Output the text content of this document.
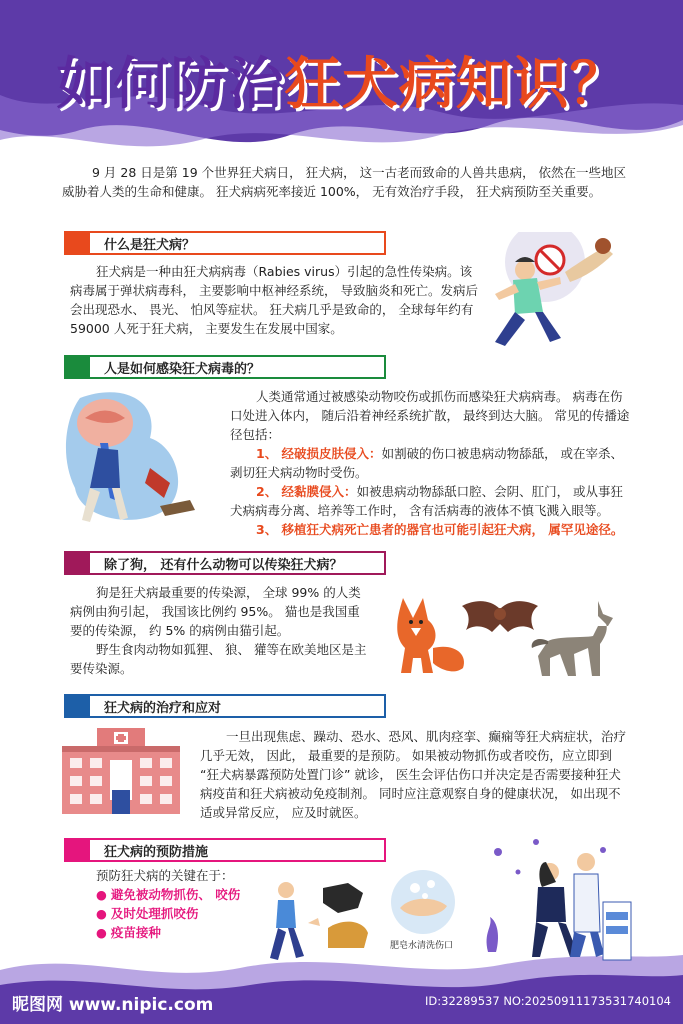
如何防治狂犬病知识？
9 月 28 日是第 19 个世界狂犬病日， 狂犬病， 这一古老而致命的人兽共患病， 依然在一些地区威胁着人类的生命和健康。 狂犬病病死率接近 100%， 无有效治疗手段， 狂犬病预防至关重要。
什么是狂犬病？
狂犬病是一种由狂犬病病毒（Rabies virus）引起的急性传染病。该病毒属于弹状病毒科， 主要影响中枢神经系统， 导致脑炎和死亡。发病后会出现恐水、 畏光、 怕风等症状。 狂犬病几乎是致命的， 全球每年约有 59000 人死于狂犬病， 主要发生在发展中国家。
人是如何感染狂犬病毒的？

人类通常通过被感染动物咬伤或抓伤而感染狂犬病病毒。 病毒在伤口处进入体内， 随后沿着神经系统扩散， 最终到达大脑。 常见的传播途径包括：

1、 经破损皮肤侵入：如割破的伤口被患病动物舔舐， 或在宰杀、剥切狂犬病动物时受伤。

2、 经黏膜侵入：如被患病动物舔舐口腔、会阴、肛门， 或从事狂犬病病毒分离、培养等工作时， 含有活病毒的液体不慎飞溅入眼等。

3、 移植狂犬病死亡患者的器官也可能引起狂犬病， 属罕见途径。

除了狗， 还有什么动物可以传染狂犬病？

狗是狂犬病最重要的传染源， 全球 99% 的人类病例由狗引起， 我国该比例约 95%。 猫也是我国重要的传染源， 约 5% 的病例由猫引起。

野生食肉动物如狐狸、 狼、 獾等在欧美地区是主要传染源。

狂犬病的治疗和应对
一旦出现焦虑、躁动、恐水、恐风、肌肉痉挛、癫痫等狂犬病症状，治疗几乎无效， 因此， 最重要的是预防。 如果被动物抓伤或者咬伤，应立即到 “狂犬病暴露预防处置门诊” 就诊， 医生会评估伤口并决定是否需要接种狂犬病疫苗和狂犬病被动免疫制剂。 同时应注意观察自身的健康状况， 如出现不适或异常反应， 应及时就医。
狂犬病的预防措施
预防狂犬病的关键在于：
● 避免被动物抓伤、 咬伤
● 及时处理抓咬伤
● 疫苗接种
肥皂水清洗伤口
昵图网 www.nipic.com	ID:32289537 NO:20250911173531740104
